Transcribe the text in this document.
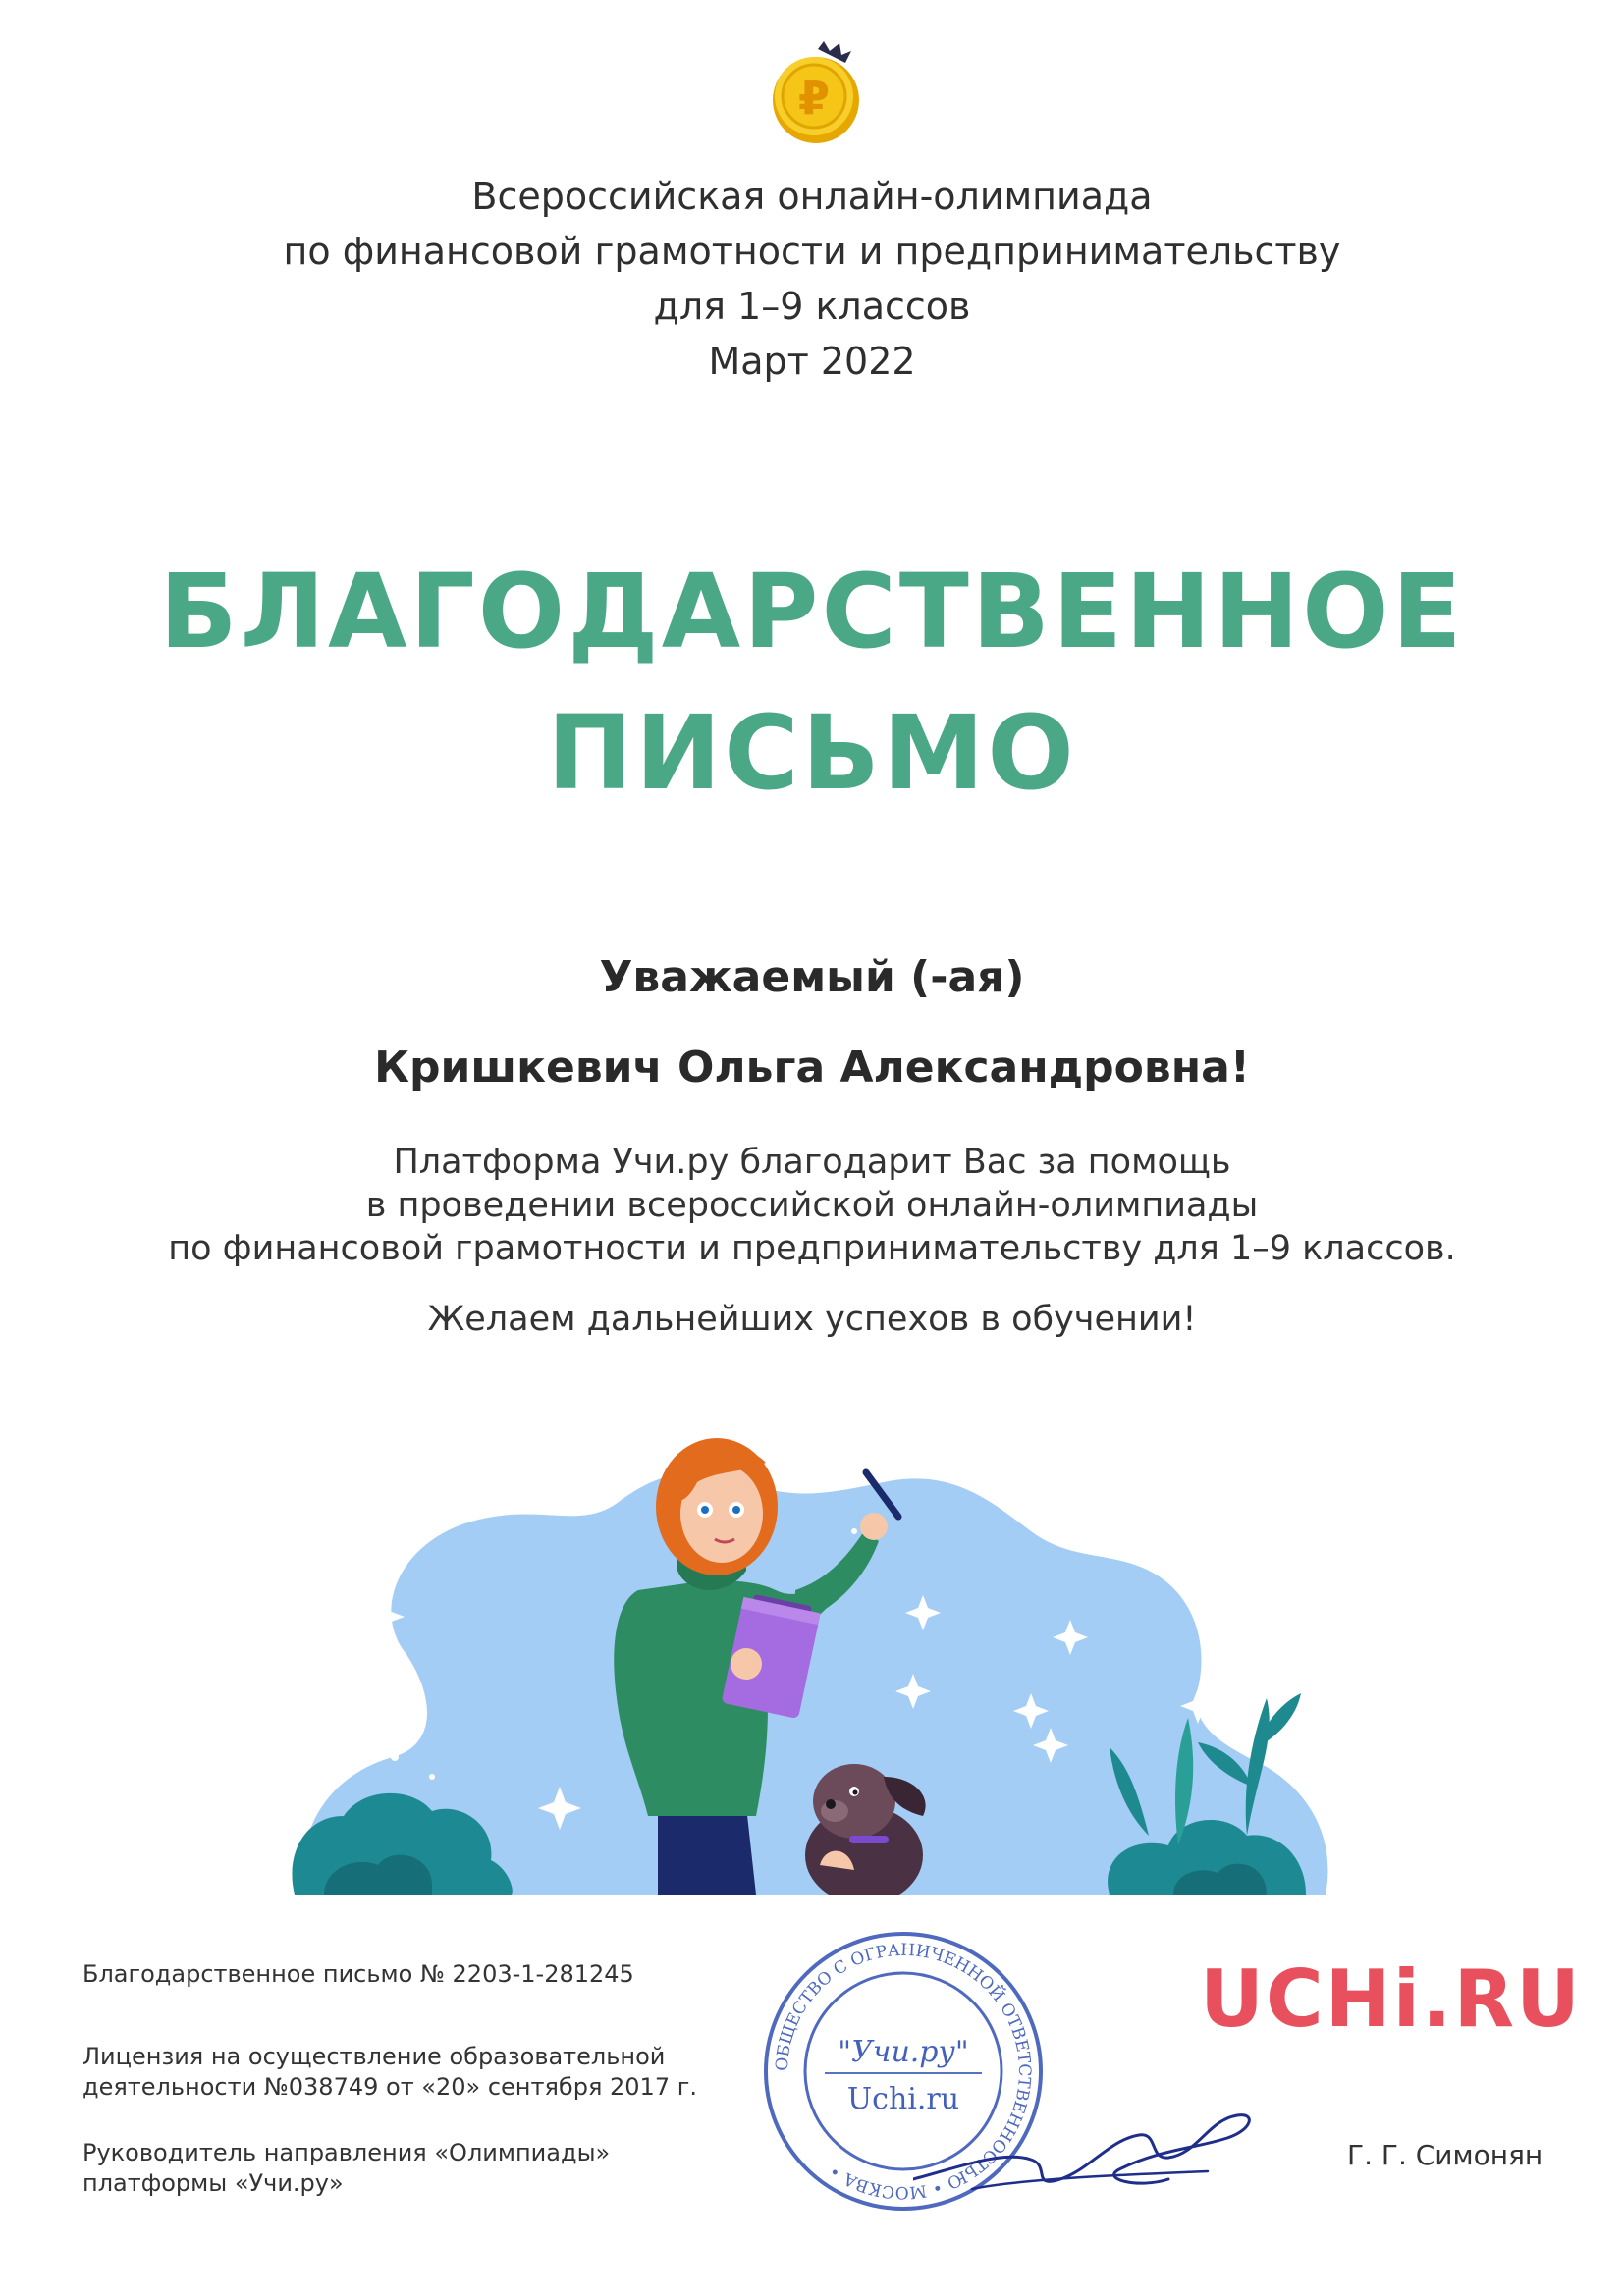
₽
Всероссийская онлайн-олимпиада
по финансовой грамотности и предпринимательству
для 1–9 классов
Март 2022
БЛАГОДАРСТВЕННОЕ
ПИСЬМО
Уважаемый (-ая)
Кришкевич Ольга Александровна!
Платформа Учи.ру благодарит Вас за помощь
в проведении всероссийской онлайн-олимпиады
по финансовой грамотности и предпринимательству для 1–9 классов.
Желаем дальнейших успехов в обучении!
Благодарственное письмо № 2203-1-281245
Лицензия на осуществление образовательной
деятельности №038749 от «20» сентября 2017 г.
Руководитель направления «Олимпиады»
платформы «Учи.ру»
ОБЩЕСТВО С ОГРАНИЧЕННОЙ ОТВЕТСТВЕННОСТЬЮ • МОСКВА •
"Учи.ру"
Uchi.ru
UCHi.RU
Г. Г. Симонян
